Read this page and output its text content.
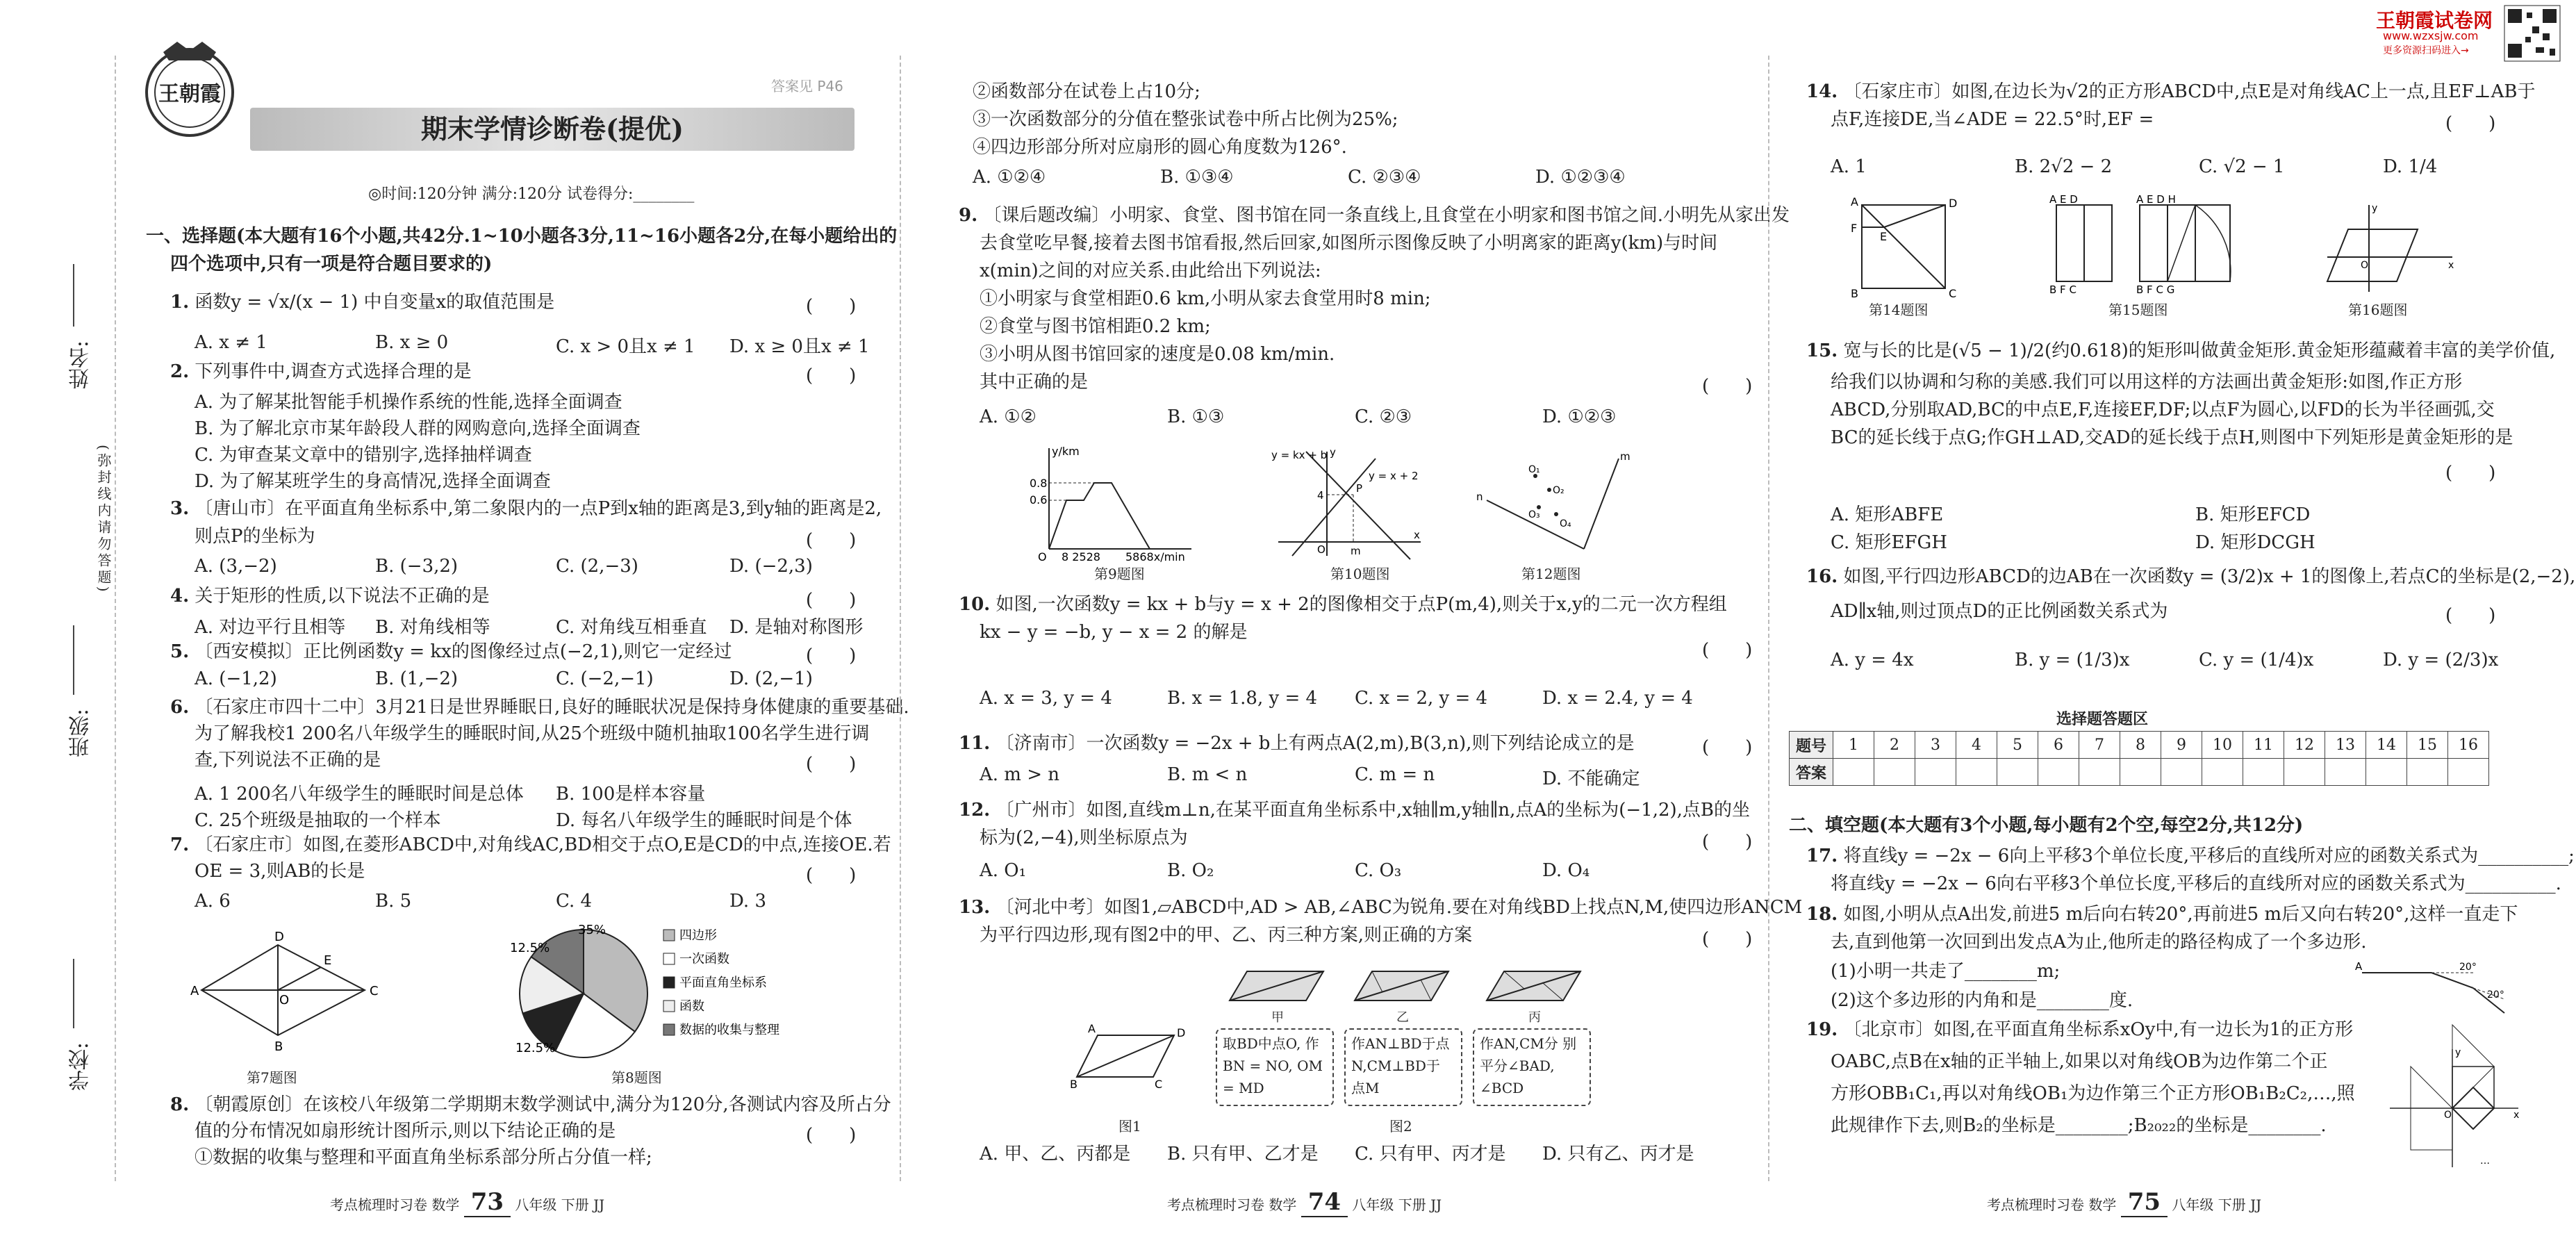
姓名:
班级:
学校:
(弥封线内请勿答题)
王朝霞
期末学情诊断卷(提优)
答案见 P46
◎时间:120分钟 满分:120分 试卷得分:________
王朝霞试卷网
www.wzxsjw.com
更多资源扫码进入→
一、选择题(本大题有16个小题,共42分.1~10小题各3分,11~16小题各2分,在每小题给出的
四个选项中,只有一项是符合题目要求的)
1. 函数y = √x/(x − 1) 中自变量x的取值范围是	(　　)
A. x ≠ 1	B. x ≥ 0	C. x > 0且x ≠ 1 D. x ≥ 0且x ≠ 1
2. 下列事件中,调查方式选择合理的是	(　　)
A. 为了解某批智能手机操作系统的性能,选择全面调查
B. 为了解北京市某年龄段人群的网购意向,选择全面调查
C. 为审查某文章中的错别字,选择抽样调查
D. 为了解某班学生的身高情况,选择全面调查
3. 〔唐山市〕在平面直角坐标系中,第二象限内的一点P到x轴的距离是3,到y轴的距离是2,
则点P的坐标为	(　　)
A. (3,−2)	B. (−3,2)	C. (2,−3)	D. (−2,3)
4. 关于矩形的性质,以下说法不正确的是	(　　)
A. 对边平行且相等 B. 对角线相等	C. 对角线互相垂直 D. 是轴对称图形
5. 〔西安模拟〕正比例函数y = kx的图像经过点(−2,1),则它一定经过	(　　)
A. (−1,2)	B. (1,−2)	C. (−2,−1)	D. (2,−1)
6. 〔石家庄市四十二中〕3月21日是世界睡眠日,良好的睡眠状况是保持身体健康的重要基础.
为了解我校1 200名八年级学生的睡眠时间,从25个班级中随机抽取100名学生进行调
查,下列说法不正确的是	(　　)
A. 1 200名八年级学生的睡眠时间是总体 B. 100是样本容量
C. 25个班级是抽取的一个样本	D. 每名八年级学生的睡眠时间是个体
7. 〔石家庄市〕如图,在菱形ABCD中,对角线AC,BD相交于点O,E是CD的中点,连接OE.若
OE = 3,则AB的长是	(　　)
A. 6	B. 5	C. 4	D. 3
A
D
C
B
O
E
第7题图
35%
12.5%
12.5%
四边形
一次函数
平面直角坐标系
函数
数据的收集与整理
第8题图
8. 〔朝霞原创〕在该校八年级第二学期期末数学测试中,满分为120分,各测试内容及所占分
值的分布情况如扇形统计图所示,则以下结论正确的是	(　　)
①数据的收集与整理和平面直角坐标系部分所占分值一样;
考点梳理时习卷 数学 73 八年级 下册 JJ
②函数部分在试卷上占10分;
③一次函数部分的分值在整张试卷中所占比例为25%;
④四边形部分所对应扇形的圆心角度数为126°.
A. ①②④	B. ①③④	C. ②③④	D. ①②③④
9. 〔课后题改编〕小明家、食堂、图书馆在同一条直线上,且食堂在小明家和图书馆之间.小明先从家出发
去食堂吃早餐,接着去图书馆看报,然后回家,如图所示图像反映了小明离家的距离y(km)与时间
x(min)之间的对应关系.由此给出下列说法:
①小明家与食堂相距0.6 km,小明从家去食堂用时8 min;
②食堂与图书馆相距0.2 km;
③小明从图书馆回家的速度是0.08 km/min.
其中正确的是	(　　)
A. ①②	B. ①③	C. ②③	D. ①②③
y/km
0.8
0.6
O 8 2528 5868x/min
第9题图
y = kx + b
y = x + 2
4
P
O m
x
y
第10题图
n
m
O₁
O₂
O₃
O₄
第12题图
10. 如图,一次函数y = kx + b与y = x + 2的图像相交于点P(m,4),则关于x,y的二元一次方程组
kx − y = −b, y − x = 2 的解是
(　　)
A. x = 3, y = 4	B. x = 1.8, y = 4 C. x = 2, y = 4	D. x = 2.4, y = 4
11. 〔济南市〕一次函数y = −2x + b上有两点A(2,m),B(3,n),则下列结论成立的是	(　　)
A. m > n	B. m < n	C. m = n	D. 不能确定
12. 〔广州市〕如图,直线m⊥n,在某平面直角坐标系中,x轴∥m,y轴∥n,点A的坐标为(−1,2),点B的坐
标为(2,−4),则坐标原点为	(　　)
A. O₁	B. O₂	C. O₃	D. O₄
13. 〔河北中考〕如图1,▱ABCD中,AD > AB,∠ABC为锐角.要在对角线BD上找点N,M,使四边形ANCM
为平行四边形,现有图2中的甲、乙、丙三种方案,则正确的方案	(　　)
A	D
B	C
图1
甲	乙	丙
取BD中点O, 作BN = NO, OM = MD
作AN⊥BD于点 N,CM⊥BD于 点M
作AN,CM分 别平分∠BAD, ∠BCD
图2
A. 甲、乙、丙都是 B. 只有甲、乙才是 C. 只有甲、丙才是 D. 只有乙、丙才是
考点梳理时习卷 数学 74 八年级 下册 JJ
14. 〔石家庄市〕如图,在边长为√2的正方形ABCD中,点E是对角线AC上一点,且EF⊥AB于
点F,连接DE,当∠ADE = 22.5°时,EF =	(　　)
A. 1	B. 2√2 − 2	C. √2 − 1	D. 1/4
A	D
B	C
F
E
第14题图
A E D
B F C
A E D H
B F C G
第15题图
y
x
O
第16题图
15. 宽与长的比是(√5 − 1)/2(约0.618)的矩形叫做黄金矩形.黄金矩形蕴藏着丰富的美学价值,
给我们以协调和匀称的美感.我们可以用这样的方法画出黄金矩形:如图,作正方形
ABCD,分别取AD,BC的中点E,F,连接EF,DF;以点F为圆心,以FD的长为半径画弧,交
BC的延长线于点G;作GH⊥AD,交AD的延长线于点H,则图中下列矩形是黄金矩形的是
(　　)
A. 矩形ABFE	B. 矩形EFCD
C. 矩形EFGH	D. 矩形DCGH
16. 如图,平行四边形ABCD的边AB在一次函数y = (3/2)x + 1的图像上,若点C的坐标是(2,−2),
AD∥x轴,则过顶点D的正比例函数关系式为	(　　)
A. y = 4x	B. y = (1/3)x	C. y = (1/4)x	D. y = (2/3)x
选择题答题区
题号	1	2	3	4	5	6	7	8	9	10	11	12	13	14	15	16
答案																
二、填空题(本大题有3个小题,每小题有2个空,每空2分,共12分)
17. 将直线y = −2x − 6向上平移3个单位长度,平移后的直线所对应的函数关系式为__________;
将直线y = −2x − 6向右平移3个单位长度,平移后的直线所对应的函数关系式为__________.
18. 如图,小明从点A出发,前进5 m后向右转20°,再前进5 m后又向右转20°,这样一直走下
去,直到他第一次回到出发点A为止,他所走的路径构成了一个多边形.
(1)小明一共走了________m;
(2)这个多边形的内角和是________度.
A	20°
20°
19. 〔北京市〕如图,在平面直角坐标系xOy中,有一边长为1的正方形
OABC,点B在x轴的正半轴上,如果以对角线OB为边作第二个正
方形OBB₁C₁,再以对角线OB₁为边作第三个正方形OB₁B₂C₂,…,照
此规律作下去,则B₂的坐标是________;B₂₀₂₂的坐标是________.
y
x
O
…
考点梳理时习卷 数学 75 八年级 下册 JJ
